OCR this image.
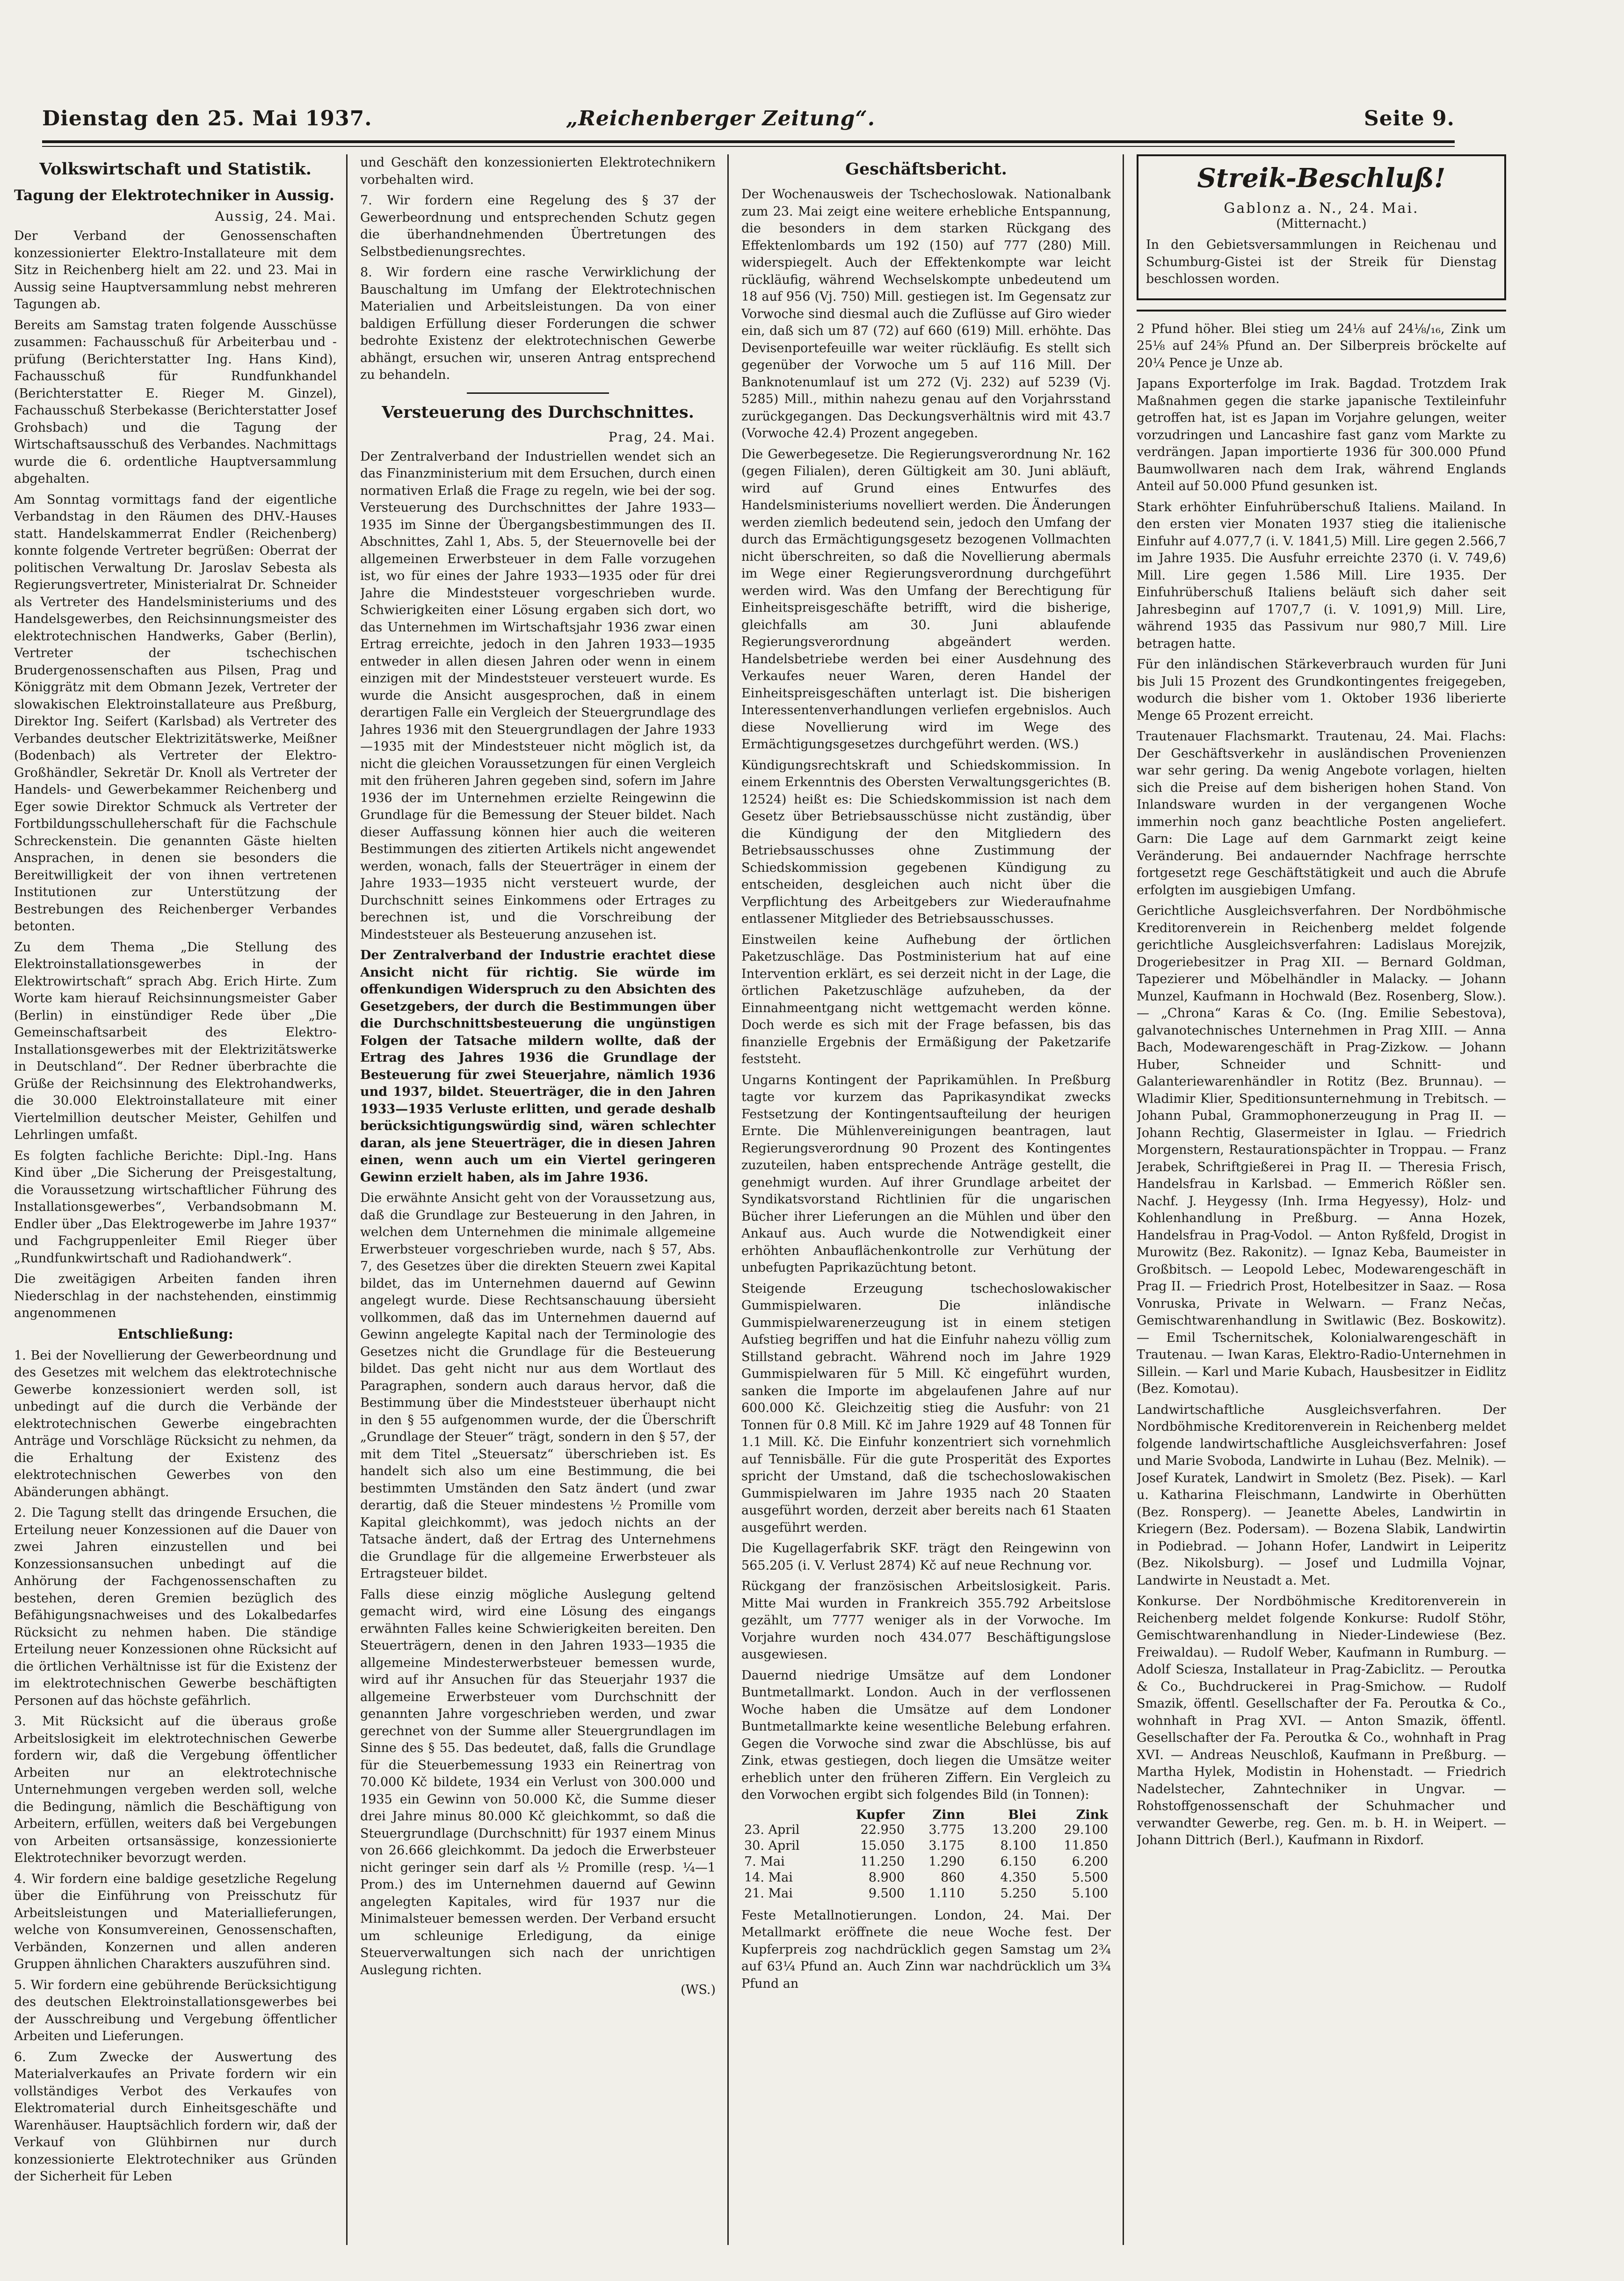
Dienstag den 25. Mai 1937.	„Reichenberger Zeitung“.	Seite 9.
Volkswirtschaft und Statistik.
Tagung der Elektrotechniker in Aussig.
Aussig, 24. Mai.

Der Verband der Genossenschaften konzessionierter Elektro-Installateure mit dem Sitz in Reichenberg hielt am 22. und 23. Mai in Aussig seine Hauptversammlung nebst mehreren Tagungen ab.

Bereits am Samstag traten folgende Ausschüsse zusammen: Fachausschuß für Arbeiterbau und -prüfung (Berichterstatter Ing. Hans Kind), Fachausschuß für Rundfunkhandel (Berichterstatter E. Rieger M. Ginzel), Fachausschuß Sterbekasse (Berichterstatter Josef Grohsbach) und die Tagung der Wirtschaftsausschuß des Verbandes. Nachmittags wurde die 6. ordentliche Hauptversammlung abgehalten.

Am Sonntag vormittags fand der eigentliche Verbandstag in den Räumen des DHV.-Hauses statt. Handelskammerrat Endler (Reichenberg) konnte folgende Vertreter begrüßen: Oberrat der politischen Verwaltung Dr. Jaroslav Sebesta als Regierungsvertreter, Ministerialrat Dr. Schneider als Vertreter des Handelsministeriums und des Handelsgewerbes, den Reichsinnungsmeister des elektrotechnischen Handwerks, Gaber (Berlin), Vertreter der tschechischen Brudergenossenschaften aus Pilsen, Prag und Königgrätz mit dem Obmann Jezek, Vertreter der slowakischen Elektroinstallateure aus Preßburg, Direktor Ing. Seifert (Karlsbad) als Vertreter des Verbandes deutscher Elektrizitätswerke, Meißner (Bodenbach) als Vertreter der Elektro-Großhändler, Sekretär Dr. Knoll als Vertreter der Handels- und Gewerbekammer Reichenberg und Eger sowie Direktor Schmuck als Vertreter der Fortbildungsschulleherschaft für die Fachschule Schreckenstein. Die genannten Gäste hielten Ansprachen, in denen sie besonders die Bereitwilligkeit der von ihnen vertretenen Institutionen zur Unterstützung der Bestrebungen des Reichenberger Verbandes betonten.

Zu dem Thema „Die Stellung des Elektroinstallationsgewerbes in der Elektrowirtschaft“ sprach Abg. Erich Hirte. Zum Worte kam hierauf Reichsinnungsmeister Gaber (Berlin) in einstündiger Rede über „Die Gemeinschaftsarbeit des Elektro-Installationsgewerbes mit der Elektrizitätswerke in Deutschland“. Der Redner überbrachte die Grüße der Reichsinnung des Elektrohandwerks, die 30.000 Elektroinstallateure mit einer Viertelmillion deutscher Meister, Gehilfen und Lehrlingen umfaßt.

Es folgten fachliche Berichte: Dipl.-Ing. Hans Kind über „Die Sicherung der Preisgestaltung, die Voraussetzung wirtschaftlicher Führung des Installationsgewerbes“, Verbandsobmann M. Endler über „Das Elektrogewerbe im Jahre 1937“ und Fachgruppenleiter Emil Rieger über „Rundfunkwirtschaft und Radiohandwerk“.

Die zweitägigen Arbeiten fanden ihren Niederschlag in der nachstehenden, einstimmig angenommenen

Entschließung:

1. Bei der Novellierung der Gewerbeordnung und des Gesetzes mit welchem das elektrotechnische Gewerbe konzessioniert werden soll, ist unbedingt auf die durch die Verbände der elektrotechnischen Gewerbe eingebrachten Anträge und Vorschläge Rücksicht zu nehmen, da die Erhaltung der Existenz des elektrotechnischen Gewerbes von den Abänderungen abhängt.

2. Die Tagung stellt das dringende Ersuchen, die Erteilung neuer Konzessionen auf die Dauer von zwei Jahren einzustellen und bei Konzessionsansuchen unbedingt auf die Anhörung der Fachgenossenschaften zu bestehen, deren Gremien bezüglich des Befähigungsnachweises und des Lokalbedarfes Rücksicht zu nehmen haben. Die ständige Erteilung neuer Konzessionen ohne Rücksicht auf die örtlichen Verhältnisse ist für die Existenz der im elektrotechnischen Gewerbe beschäftigten Personen auf das höchste gefährlich.

3. Mit Rücksicht auf die überaus große Arbeitslosigkeit im elektrotechnischen Gewerbe fordern wir, daß die Vergebung öffentlicher Arbeiten nur an elektrotechnische Unternehmungen vergeben werden soll, welche die Bedingung, nämlich die Beschäftigung von Arbeitern, erfüllen, weiters daß bei Vergebungen von Arbeiten ortsansässige, konzessionierte Elektrotechniker bevorzugt werden.

4. Wir fordern eine baldige gesetzliche Regelung über die Einführung von Preisschutz für Arbeitsleistungen und Materiallieferungen, welche von Konsumvereinen, Genossenschaften, Verbänden, Konzernen und allen anderen Gruppen ähnlichen Charakters auszuführen sind.

5. Wir fordern eine gebührende Berücksichtigung des deutschen Elektroinstallationsgewerbes bei der Ausschreibung und Vergebung öffentlicher Arbeiten und Lieferungen.

6. Zum Zwecke der Auswertung des Materialverkaufes an Private fordern wir ein vollständiges Verbot des Verkaufes von Elektromaterial durch Einheitsgeschäfte und Warenhäuser. Hauptsächlich fordern wir, daß der Verkauf von Glühbirnen nur durch konzessionierte Elektrotechniker aus Gründen der Sicherheit für Leben

und Geschäft den konzessionierten Elektrotechnikern vorbehalten wird.

7. Wir fordern eine Regelung des § 37 der Gewerbeordnung und entsprechenden Schutz gegen die überhandnehmenden Übertretungen des Selbstbedienungsrechtes.

8. Wir fordern eine rasche Verwirklichung der Bauschaltung im Umfang der Elektrotechnischen Materialien und Arbeitsleistungen. Da von einer baldigen Erfüllung dieser Forderungen die schwer bedrohte Existenz der elektrotechnischen Gewerbe abhängt, ersuchen wir, unseren Antrag entsprechend zu behandeln.

Versteuerung des Durchschnittes.
Prag, 24. Mai.

Der Zentralverband der Industriellen wendet sich an das Finanzministerium mit dem Ersuchen, durch einen normativen Erlaß die Frage zu regeln, wie bei der sog. Versteuerung des Durchschnittes der Jahre 1933—1935 im Sinne der Übergangsbestimmungen des II. Abschnittes, Zahl 1, Abs. 5, der Steuernovelle bei der allgemeinen Erwerbsteuer in dem Falle vorzugehen ist, wo für eines der Jahre 1933—1935 oder für drei Jahre die Mindeststeuer vorgeschrieben wurde. Schwierigkeiten einer Lösung ergaben sich dort, wo das Unternehmen im Wirtschaftsjahr 1936 zwar einen Ertrag erreichte, jedoch in den Jahren 1933—1935 entweder in allen diesen Jahren oder wenn in einem einzigen mit der Mindeststeuer versteuert wurde. Es wurde die Ansicht ausgesprochen, daß in einem derartigen Falle ein Vergleich der Steuergrundlage des Jahres 1936 mit den Steuergrundlagen der Jahre 1933—1935 mit der Mindeststeuer nicht möglich ist, da nicht die gleichen Voraussetzungen für einen Vergleich mit den früheren Jahren gegeben sind, sofern im Jahre 1936 der im Unternehmen erzielte Reingewinn die Grundlage für die Bemessung der Steuer bildet. Nach dieser Auffassung können hier auch die weiteren Bestimmungen des zitierten Artikels nicht angewendet werden, wonach, falls der Steuerträger in einem der Jahre 1933—1935 nicht versteuert wurde, der Durchschnitt seines Einkommens oder Ertrages zu berechnen ist, und die Vorschreibung der Mindeststeuer als Besteuerung anzusehen ist.

Der Zentralverband der Industrie erachtet diese Ansicht nicht für richtig. Sie würde im offenkundigen Widerspruch zu den Absichten des Gesetzgebers, der durch die Bestimmungen über die Durchschnittsbesteuerung die ungünstigen Folgen der Tatsache mildern wollte, daß der Ertrag des Jahres 1936 die Grundlage der Besteuerung für zwei Steuerjahre, nämlich 1936 und 1937, bildet. Steuerträger, die in den Jahren 1933—1935 Verluste erlitten, und gerade deshalb berücksichtigungswürdig sind, wären schlechter daran, als jene Steuerträger, die in diesen Jahren einen, wenn auch um ein Viertel geringeren Gewinn erzielt haben, als im Jahre 1936.

Die erwähnte Ansicht geht von der Voraussetzung aus, daß die Grundlage zur Besteuerung in den Jahren, in welchen dem Unternehmen die minimale allgemeine Erwerbsteuer vorgeschrieben wurde, nach § 57, Abs. 7, des Gesetzes über die direkten Steuern zwei Kapital bildet, das im Unternehmen dauernd auf Gewinn angelegt wurde. Diese Rechtsanschauung übersieht vollkommen, daß das im Unternehmen dauernd auf Gewinn angelegte Kapital nach der Terminologie des Gesetzes nicht die Grundlage für die Besteuerung bildet. Das geht nicht nur aus dem Wortlaut des Paragraphen, sondern auch daraus hervor, daß die Bestimmung über die Mindeststeuer überhaupt nicht in den § 55 aufgenommen wurde, der die Überschrift „Grundlage der Steuer“ trägt, sondern in den § 57, der mit dem Titel „Steuersatz“ überschrieben ist. Es handelt sich also um eine Bestimmung, die bei bestimmten Umständen den Satz ändert (und zwar derartig, daß die Steuer mindestens ½ Promille vom Kapital gleichkommt), was jedoch nichts an der Tatsache ändert, daß der Ertrag des Unternehmens die Grundlage für die allgemeine Erwerbsteuer als Ertragsteuer bildet.

Falls diese einzig mögliche Auslegung geltend gemacht wird, wird eine Lösung des eingangs erwähnten Falles keine Schwierigkeiten bereiten. Den Steuerträgern, denen in den Jahren 1933—1935 die allgemeine Mindesterwerbsteuer bemessen wurde, wird auf ihr Ansuchen für das Steuerjahr 1937 die allgemeine Erwerbsteuer vom Durchschnitt der genannten Jahre vorgeschrieben werden, und zwar gerechnet von der Summe aller Steuergrundlagen im Sinne des § 55. Das bedeutet, daß, falls die Grundlage für die Steuerbemessung 1933 ein Reinertrag von 70.000 Kč bildete, 1934 ein Verlust von 300.000 und 1935 ein Gewinn von 50.000 Kč, die Summe dieser drei Jahre minus 80.000 Kč gleichkommt, so daß die Steuergrundlage (Durchschnitt) für 1937 einem Minus von 26.666 gleichkommt. Da jedoch die Erwerbsteuer nicht geringer sein darf als ½ Promille (resp. ¼—1 Prom.) des im Unternehmen dauernd auf Gewinn angelegten Kapitales, wird für 1937 nur die Minimalsteuer bemessen werden. Der Verband ersucht um schleunige Erledigung, da einige Steuerverwaltungen sich nach der unrichtigen Auslegung richten.

(WS.)
Geschäftsbericht.

Der Wochenausweis der Tschechoslowak. Nationalbank zum 23. Mai zeigt eine weitere erhebliche Entspannung, die besonders in dem starken Rückgang des Effektenlombards um 192 (150) auf 777 (280) Mill. widerspiegelt. Auch der Effektenkompte war leicht rückläufig, während Wechselskompte unbedeutend um 18 auf 956 (Vj. 750) Mill. gestiegen ist. Im Gegensatz zur Vorwoche sind diesmal auch die Zuflüsse auf Giro wieder ein, daß sich um 87 (72) auf 660 (619) Mill. erhöhte. Das Devisenportefeuille war weiter rückläufig. Es stellt sich gegenüber der Vorwoche um 5 auf 116 Mill. Der Banknotenumlauf ist um 272 (Vj. 232) auf 5239 (Vj. 5285) Mill., mithin nahezu genau auf den Vorjahrsstand zurückgegangen. Das Deckungsverhältnis wird mit 43.7 (Vorwoche 42.4) Prozent angegeben.

Die Gewerbegesetze. Die Regierungsverordnung Nr. 162 (gegen Filialen), deren Gültigkeit am 30. Juni abläuft, wird auf Grund eines Entwurfes des Handelsministeriums novelliert werden. Die Änderungen werden ziemlich bedeutend sein, jedoch den Umfang der durch das Ermächtigungsgesetz bezogenen Vollmachten nicht überschreiten, so daß die Novellierung abermals im Wege einer Regierungsverordnung durchgeführt werden wird. Was den Umfang der Berechtigung für Einheitspreisgeschäfte betrifft, wird die bisherige, gleichfalls am 30. Juni ablaufende Regierungsverordnung abgeändert werden. Handelsbetriebe werden bei einer Ausdehnung des Verkaufes neuer Waren, deren Handel der Einheitspreisgeschäften unterlagt ist. Die bisherigen Interessentenverhandlungen verliefen ergebnislos. Auch diese Novellierung wird im Wege des Ermächtigungsgesetzes durchgeführt werden. (WS.)

Kündigungsrechtskraft und Schiedskommission. In einem Erkenntnis des Obersten Verwaltungsgerichtes (B. 12524) heißt es: Die Schiedskommission ist nach dem Gesetz über Betriebsausschüsse nicht zuständig, über die Kündigung der den Mitgliedern des Betriebsausschusses ohne Zustimmung der Schiedskommission gegebenen Kündigung zu entscheiden, desgleichen auch nicht über die Verpflichtung des Arbeitgebers zur Wiederaufnahme entlassener Mitglieder des Betriebsausschusses.

Einstweilen keine Aufhebung der örtlichen Paketzuschläge. Das Postministerium hat auf eine Intervention erklärt, es sei derzeit nicht in der Lage, die örtlichen Paketzuschläge aufzuheben, da der Einnahmeentgang nicht wettgemacht werden könne. Doch werde es sich mit der Frage befassen, bis das finanzielle Ergebnis der Ermäßigung der Paketzarife feststeht.

Ungarns Kontingent der Paprikamühlen. In Preßburg tagte vor kurzem das Paprikasyndikat zwecks Festsetzung der Kontingentsaufteilung der heurigen Ernte. Die Mühlenvereinigungen beantragen, laut Regierungsverordnung 90 Prozent des Kontingentes zuzuteilen, haben entsprechende Anträge gestellt, die genehmigt wurden. Auf ihrer Grundlage arbeitet der Syndikatsvorstand Richtlinien für die ungarischen Bücher ihrer Lieferungen an die Mühlen und über den Ankauf aus. Auch wurde die Notwendigkeit einer erhöhten Anbauflächenkontrolle zur Verhütung der unbefugten Paprikazüchtung betont.

Steigende Erzeugung tschechoslowakischer Gummispielwaren. Die inländische Gummispielwarenerzeugung ist in einem stetigen Aufstieg begriffen und hat die Einfuhr nahezu völlig zum Stillstand gebracht. Während noch im Jahre 1929 Gummispielwaren für 5 Mill. Kč eingeführt wurden, sanken die Importe im abgelaufenen Jahre auf nur 600.000 Kč. Gleichzeitig stieg die Ausfuhr: von 21 Tonnen für 0.8 Mill. Kč im Jahre 1929 auf 48 Tonnen für 1.1 Mill. Kč. Die Einfuhr konzentriert sich vornehmlich auf Tennisbälle. Für die gute Prosperität des Exportes spricht der Umstand, daß die tschechoslowakischen Gummispielwaren im Jahre 1935 nach 20 Staaten ausgeführt worden, derzeit aber bereits nach 61 Staaten ausgeführt werden.

Die Kugellagerfabrik SKF. trägt den Reingewinn von 565.205 (i. V. Verlust 2874) Kč auf neue Rechnung vor.

Rückgang der französischen Arbeitslosigkeit. Paris. Mitte Mai wurden in Frankreich 355.792 Arbeitslose gezählt, um 7777 weniger als in der Vorwoche. Im Vorjahre wurden noch 434.077 Beschäftigungslose ausgewiesen.

Dauernd niedrige Umsätze auf dem Londoner Buntmetallmarkt. London. Auch in der verflossenen Woche haben die Umsätze auf dem Londoner Buntmetallmarkte keine wesentliche Belebung erfahren. Gegen die Vorwoche sind zwar die Abschlüsse, bis auf Zink, etwas gestiegen, doch liegen die Umsätze weiter erheblich unter den früheren Ziffern. Ein Vergleich zu den Vorwochen ergibt sich folgendes Bild (in Tonnen):

	Kupfer	Zinn	Blei	Zink
23. April	22.950	3.775	13.200	29.100
30. April	15.050	3.175	8.100	11.850
7. Mai	11.250	1.290	6.150	6.200
14. Mai	8.900	860	4.350	5.500
21. Mai	9.500	1.110	5.250	5.100

Feste Metallnotierungen. London, 24. Mai. Der Metallmarkt eröffnete die neue Woche fest. Der Kupferpreis zog nachdrücklich gegen Samstag um 2¾ auf 63¼ Pfund an. Auch Zinn war nachdrücklich um 3¾ Pfund an

Streik-Beschluß!
Gablonz a. N., 24. Mai.
(Mitternacht.)

In den Gebietsversammlungen in Reichenau und Schumburg-Gistei ist der Streik für Dienstag beschlossen worden.

2 Pfund höher. Blei stieg um 24⅛ auf 24⅛/₁₆, Zink um 25⅛ auf 24⅝ Pfund an. Der Silberpreis bröckelte auf 20¼ Pence je Unze ab.

Japans Exporterfolge im Irak. Bagdad. Trotzdem Irak Maßnahmen gegen die starke japanische Textileinfuhr getroffen hat, ist es Japan im Vorjahre gelungen, weiter vorzudringen und Lancashire fast ganz vom Markte zu verdrängen. Japan importierte 1936 für 300.000 Pfund Baumwollwaren nach dem Irak, während Englands Anteil auf 50.000 Pfund gesunken ist.

Stark erhöhter Einfuhrüberschuß Italiens. Mailand. In den ersten vier Monaten 1937 stieg die italienische Einfuhr auf 4.077,7 (i. V. 1841,5) Mill. Lire gegen 2.566,7 im Jahre 1935. Die Ausfuhr erreichte 2370 (i. V. 749,6) Mill. Lire gegen 1.586 Mill. Lire 1935. Der Einfuhrüberschuß Italiens beläuft sich daher seit Jahresbeginn auf 1707,7 (i. V. 1091,9) Mill. Lire, während 1935 das Passivum nur 980,7 Mill. Lire betragen hatte.

Für den inländischen Stärkeverbrauch wurden für Juni bis Juli 15 Prozent des Grundkontingentes freigegeben, wodurch die bisher vom 1. Oktober 1936 liberierte Menge 65 Prozent erreicht.

Trautenauer Flachsmarkt. Trautenau, 24. Mai. Flachs: Der Geschäftsverkehr in ausländischen Provenienzen war sehr gering. Da wenig Angebote vorlagen, hielten sich die Preise auf dem bisherigen hohen Stand. Von Inlandsware wurden in der vergangenen Woche immerhin noch ganz beachtliche Posten angeliefert. Garn: Die Lage auf dem Garnmarkt zeigt keine Veränderung. Bei andauernder Nachfrage herrschte fortgesetzt rege Geschäftstätigkeit und auch die Abrufe erfolgten im ausgiebigen Umfang.

Gerichtliche Ausgleichsverfahren. Der Nordböhmische Kreditorenverein in Reichenberg meldet folgende gerichtliche Ausgleichsverfahren: Ladislaus Morejzik, Drogeriebesitzer in Prag XII. — Bernard Goldman, Tapezierer und Möbelhändler in Malacky. — Johann Munzel, Kaufmann in Hochwald (Bez. Rosenberg, Slow.). — „Chrona“ Karas & Co. (Ing. Emilie Sebestova), galvanotechnisches Unternehmen in Prag XIII. — Anna Bach, Modewarengeschäft in Prag-Zizkow. — Johann Huber, Schneider und Schnitt- und Galanteriewarenhändler in Rotitz (Bez. Brunnau). — Wladimir Klier, Speditionsunternehmung in Trebitsch. — Johann Pubal, Grammophonerzeugung in Prag II. — Johann Rechtig, Glasermeister in Iglau. — Friedrich Morgenstern, Restaurationspächter in Troppau. — Franz Jerabek, Schriftgießerei in Prag II. — Theresia Frisch, Handelsfrau in Karlsbad. — Emmerich Rößler sen. Nachf. J. Heygessy (Inh. Irma Hegyessy), Holz- und Kohlenhandlung in Preßburg. — Anna Hozek, Handelsfrau in Prag-Vodol. — Anton Ryßfeld, Drogist in Murowitz (Bez. Rakonitz). — Ignaz Keba, Baumeister in Großbitsch. — Leopold Lebec, Modewarengeschäft in Prag II. — Friedrich Prost, Hotelbesitzer in Saaz. — Rosa Vonruska, Private in Welwarn. — Franz Nečas, Gemischtwarenhandlung in Switlawic (Bez. Boskowitz). — Emil Tschernitschek, Kolonialwarengeschäft in Trautenau. — Iwan Karas, Elektro-Radio-Unternehmen in Sillein. — Karl und Marie Kubach, Hausbesitzer in Eidlitz (Bez. Komotau).

Landwirtschaftliche Ausgleichsverfahren. Der Nordböhmische Kreditorenverein in Reichenberg meldet folgende landwirtschaftliche Ausgleichsverfahren: Josef und Marie Svoboda, Landwirte in Luhau (Bez. Melnik). — Josef Kuratek, Landwirt in Smoletz (Bez. Pisek). — Karl u. Katharina Fleischmann, Landwirte in Oberhütten (Bez. Ronsperg). — Jeanette Abeles, Landwirtin in Kriegern (Bez. Podersam). — Bozena Slabik, Landwirtin in Podiebrad. — Johann Hofer, Landwirt in Leiperitz (Bez. Nikolsburg). — Josef und Ludmilla Vojnar, Landwirte in Neustadt a. Met.

Konkurse. Der Nordböhmische Kreditorenverein in Reichenberg meldet folgende Konkurse: Rudolf Stöhr, Gemischtwarenhandlung in Nieder-Lindewiese (Bez. Freiwaldau). — Rudolf Weber, Kaufmann in Rumburg. — Adolf Sciesza, Installateur in Prag-Zabiclitz. — Peroutka & Co., Buchdruckerei in Prag-Smichow. — Rudolf Smazik, öffentl. Gesellschafter der Fa. Peroutka & Co., wohnhaft in Prag XVI. — Anton Smazik, öffentl. Gesellschafter der Fa. Peroutka & Co., wohnhaft in Prag XVI. — Andreas Neuschloß, Kaufmann in Preßburg. — Martha Hylek, Modistin in Hohenstadt. — Friedrich Nadelstecher, Zahntechniker in Ungvar. — Rohstoffgenossenschaft der Schuhmacher und verwandter Gewerbe, reg. Gen. m. b. H. in Weipert. — Johann Dittrich (Berl.), Kaufmann in Rixdorf.
